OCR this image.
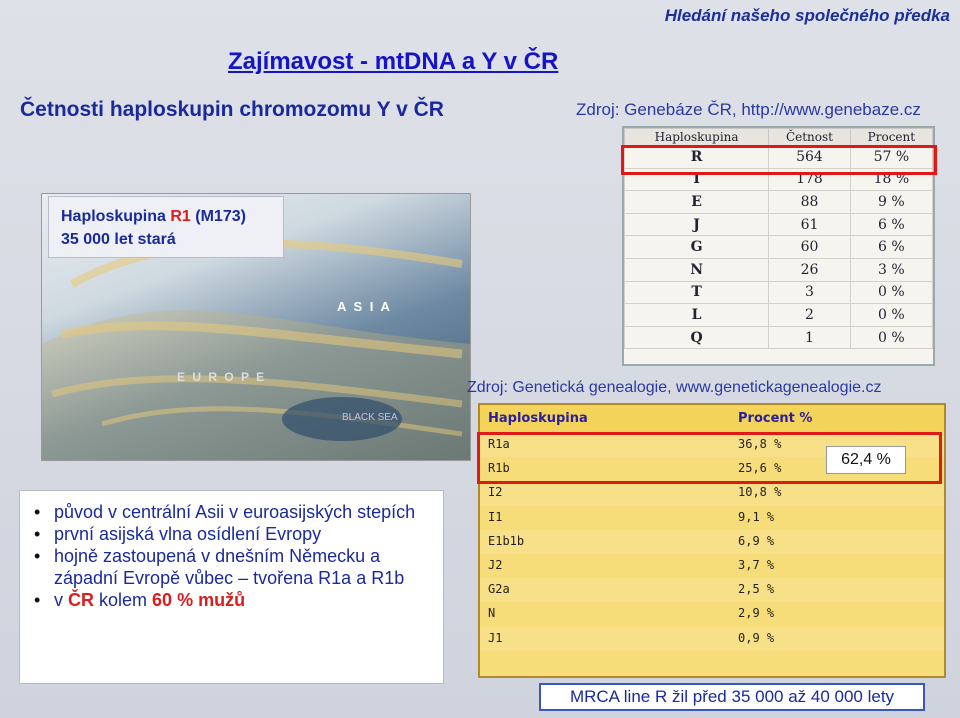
Hledání našeho společného předka
Zajímavost - mtDNA a Y v ČR
Četnosti haploskupin chromozomu Y v ČR	Zdroj: Genebáze ČR, http://www.genebaze.cz
A S I A
E U R O P E
BLACK SEA
Haploskupina R1 (M173)
35 000 let stará
Haploskupina	Četnost	Procent
R	564	57 %
I	178	18 %
E	88	9 %
J	61	6 %
G	60	6 %
N	26	3 %
T	3	0 %
L	2	0 %
Q	1	0 %
Zdroj: Genetická genealogie, www.genetickagenealogie.cz
Haploskupina	Procent %
R1a	36,8 %
R1b	25,6 %
I2	10,8 %
I1	9,1 %
E1b1b	6,9 %
J2	3,7 %
G2a	2,5 %
N	2,9 %
J1	0,9 %
62,4 %
• původ v centrální Asii v euroasijských stepích
• první asijská vlna osídlení Evropy
• hojně zastoupená v dnešním Německu a západní Evropě vůbec – tvořena R1a a R1b
• v ČR kolem 60 % mužů
MRCA line R žil před 35 000 až 40 000 lety
